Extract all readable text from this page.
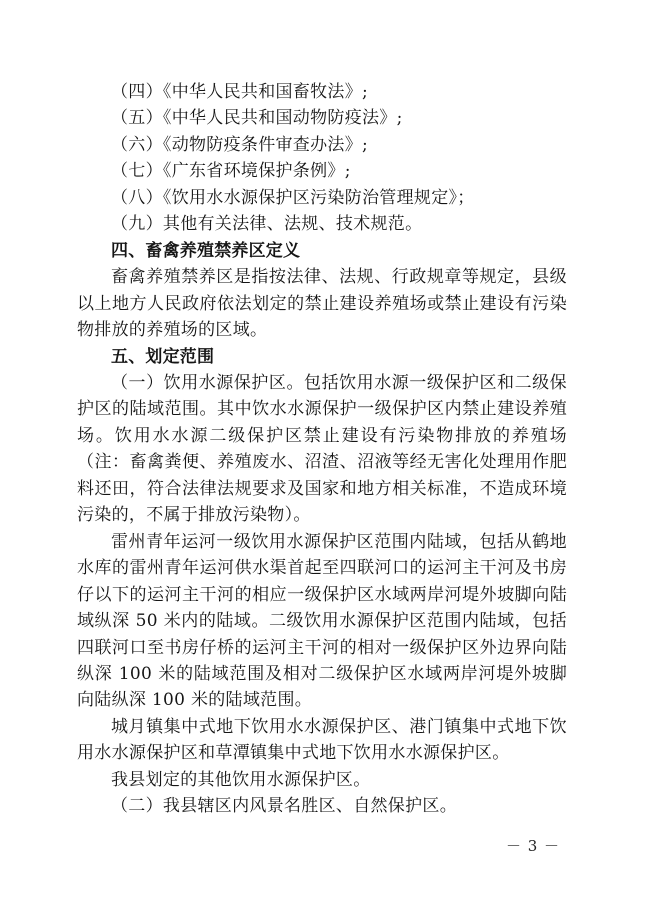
（四）《中华人民共和国畜牧法》;

（五）《中华人民共和国动物防疫法》;

（六）《动物防疫条件审查办法》;

（七）《广东省环境保护条例》;

（八）《饮用水水源保护区污染防治管理规定》；

（九）其他有关法律、法规、技术规范。

四、畜禽养殖禁养区定义

畜禽养殖禁养区是指按法律、法规、行政规章等规定，县级以上地方人民政府依法划定的禁止建设养殖场或禁止建设有污染物排放的养殖场的区域。

五、划定范围

（一）饮用水源保护区。包括饮用水源一级保护区和二级保护区的陆域范围。其中饮水水源保护一级保护区内禁止建设养殖场。饮用水水源二级保护区禁止建设有污染物排放的养殖场（注：畜禽粪便、养殖废水、沼渣、沼液等经无害化处理用作肥料还田，符合法律法规要求及国家和地方相关标准，不造成环境污染的，不属于排放污染物）。

雷州青年运河一级饮用水源保护区范围内陆域，包括从鹤地水库的雷州青年运河供水渠首起至四联河口的运河主干河及书房仔以下的运河主干河的相应一级保护区水域两岸河堤外坡脚向陆域纵深 50 米内的陆域。二级饮用水源保护区范围内陆域，包括四联河口至书房仔桥的运河主干河的相对一级保护区外边界向陆纵深 100 米的陆域范围及相对二级保护区水域两岸河堤外坡脚向陆纵深 100 米的陆域范围。

城月镇集中式地下饮用水水源保护区、港门镇集中式地下饮用水水源保护区和草潭镇集中式地下饮用水水源保护区。

我县划定的其他饮用水源保护区。

（二）我县辖区内风景名胜区、自然保护区。

－ 3 －
